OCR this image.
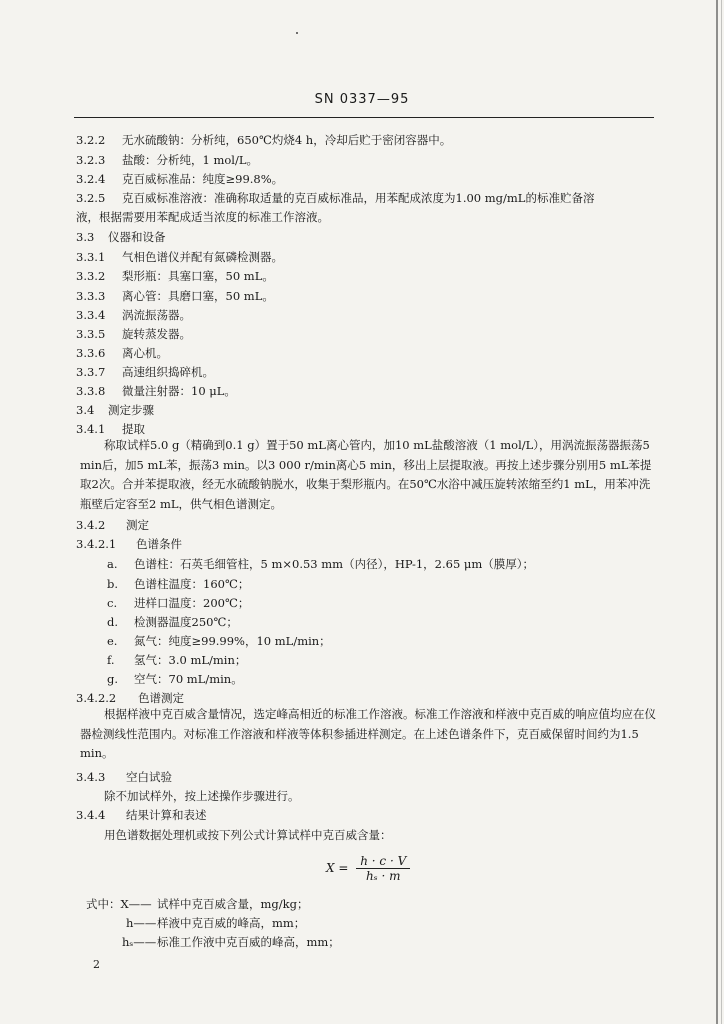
SN 0337—95
3.2.2 无水硫酸钠：分析纯，650℃灼烧4 h，冷却后贮于密闭容器中。
3.2.3 盐酸：分析纯，1 mol/L。
3.2.4 克百威标准品：纯度≥99.8%。
3.2.5 克百威标准溶液：准确称取适量的克百威标准品，用苯配成浓度为1.00 mg/mL的标准贮备溶
液，根据需要用苯配成适当浓度的标准工作溶液。
3.3 仪器和设备
3.3.1 气相色谱仪并配有氮磷检测器。
3.3.2 梨形瓶：具塞口塞，50 mL。
3.3.3 离心管：具磨口塞，50 mL。
3.3.4 涡流振荡器。
3.3.5 旋转蒸发器。
3.3.6 离心机。
3.3.7 高速组织捣碎机。
3.3.8 微量注射器：10 μL。
3.4 测定步骤
3.4.1 提取
称取试样5.0 g（精确到0.1 g）置于50 mL离心管内，加10 mL盐酸溶液（1 mol/L），用涡流振荡器振荡5 min后，加5 mL苯，振荡3 min。以3 000 r/min离心5 min，移出上层提取液。再按上述步骤分别用5 mL苯提取2次。合并苯提取液，经无水硫酸钠脱水，收集于梨形瓶内。在50℃水浴中减压旋转浓缩至约1 mL，用苯冲洗瓶壁后定容至2 mL，供气相色谱测定。
3.4.2 测定
3.4.2.1 色谱条件
a. 色谱柱：石英毛细管柱，5 m×0.53 mm（内径），HP-1，2.65 μm（膜厚）；
b. 色谱柱温度：160℃；
c. 进样口温度：200℃；
d. 检测器温度250℃；
e. 氮气：纯度≥99.99%，10 mL/min；
f. 氢气：3.0 mL/min；
g. 空气：70 mL/min。
3.4.2.2 色谱测定
根据样液中克百威含量情况，选定峰高相近的标准工作溶液。标准工作溶液和样液中克百威的响应值均应在仪器检测线性范围内。对标准工作溶液和样液等体积参插进样测定。在上述色谱条件下，克百威保留时间约为1.5 min。
3.4.3 空白试验
除不加试样外，按上述操作步骤进行。
3.4.4 结果计算和表述
用色谱数据处理机或按下列公式计算试样中克百威含量：
$X = \frac{h \cdot c \cdot V}{\text{hₛ · m}}$
式中：X—— 试样中克百威含量，mg/kg；
h—— 样液中克百威的峰高，mm；
hₛ—— 标准工作液中克百威的峰高，mm；
2
